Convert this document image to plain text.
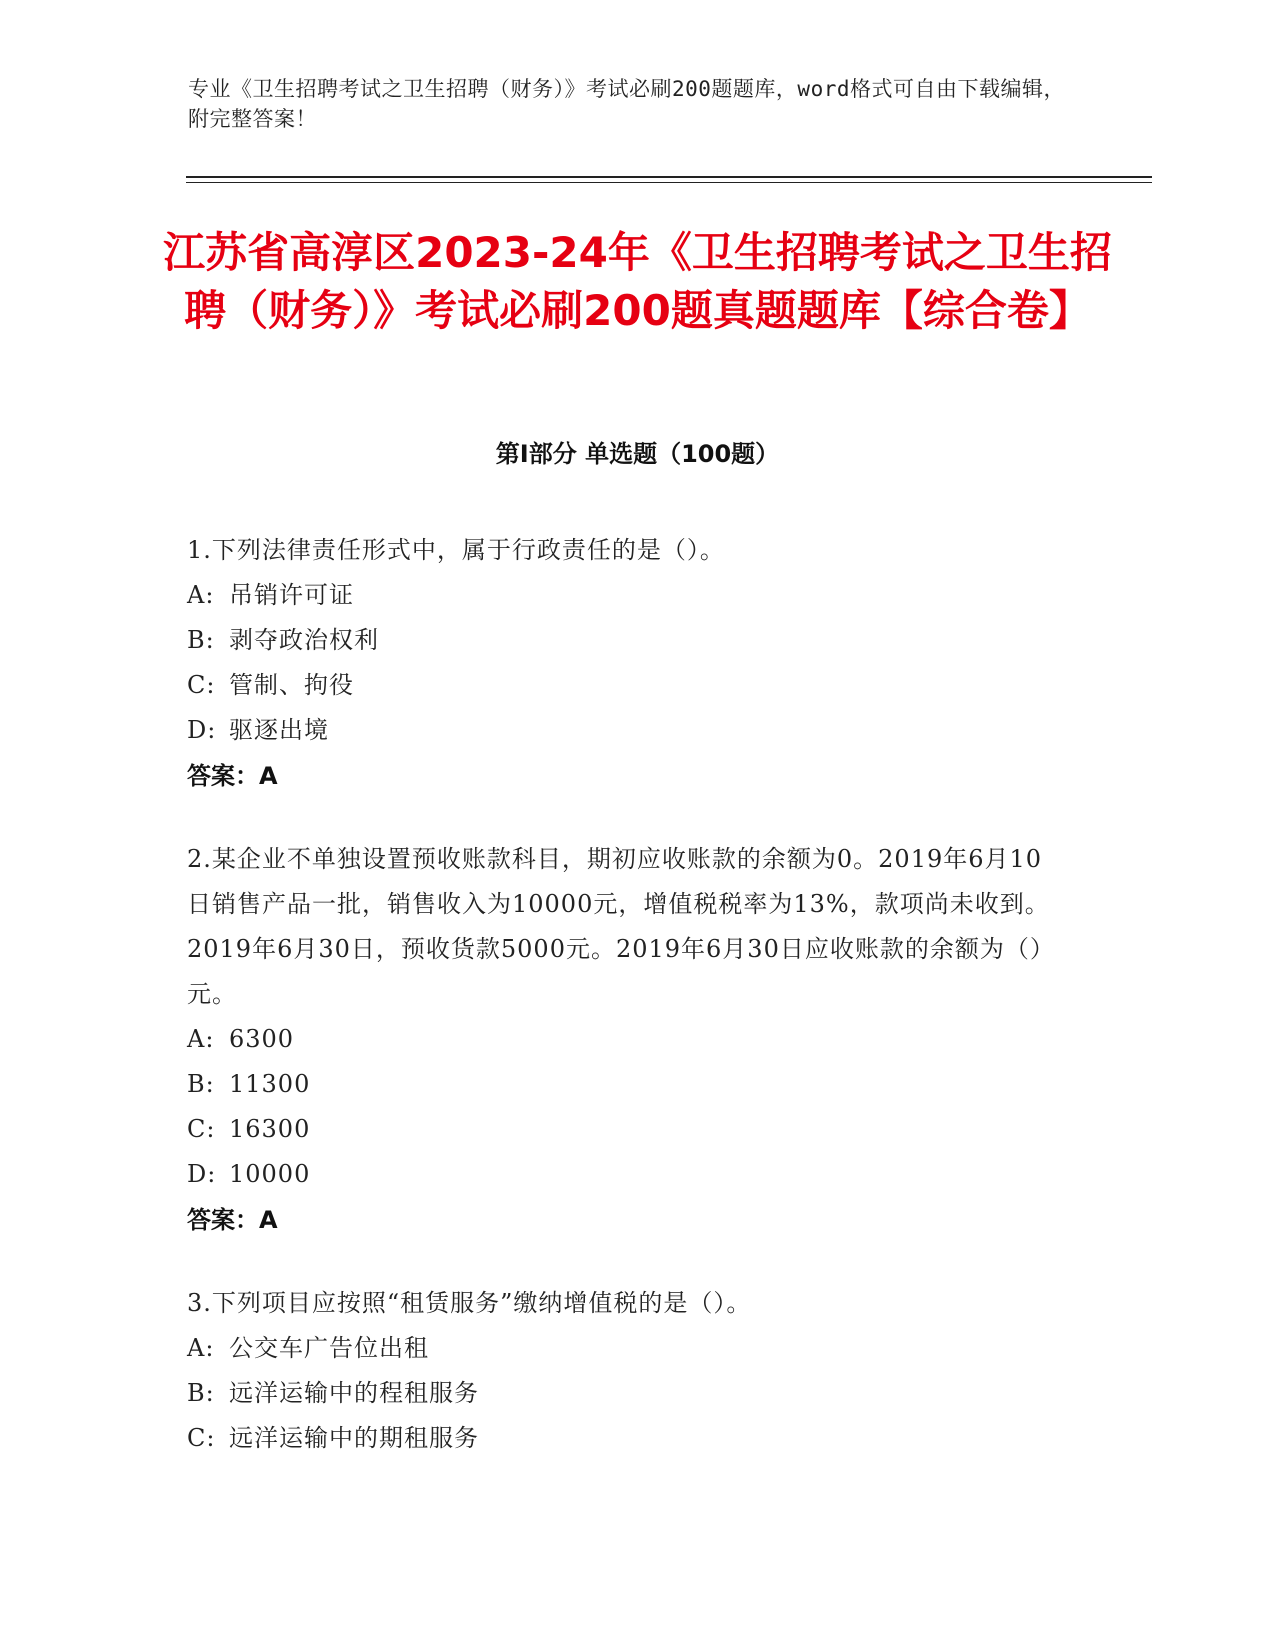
专业《卫生招聘考试之卫生招聘（财务）》考试必刷200题题库，word格式可自由下载编辑，附完整答案！
江苏省高淳区2023-24年《卫生招聘考试之卫生招聘（财务）》考试必刷200题真题题库【综合卷】
第I部分 单选题（100题）
1.下列法律责任形式中，属于行政责任的是（）。
A: 吊销许可证
B: 剥夺政治权利
C: 管制、拘役
D: 驱逐出境
答案：A
2.某企业不单独设置预收账款科目，期初应收账款的余额为0。2019年6月10日销售产品一批，销售收入为10000元，增值税税率为13%，款项尚未收到。2019年6月30日，预收货款5000元。2019年6月30日应收账款的余额为（）元。
A: 6300
B: 11300
C: 16300
D: 10000
答案：A
3.下列项目应按照“租赁服务”缴纳增值税的是（）。
A: 公交车广告位出租
B: 远洋运输中的程租服务
C: 远洋运输中的期租服务
